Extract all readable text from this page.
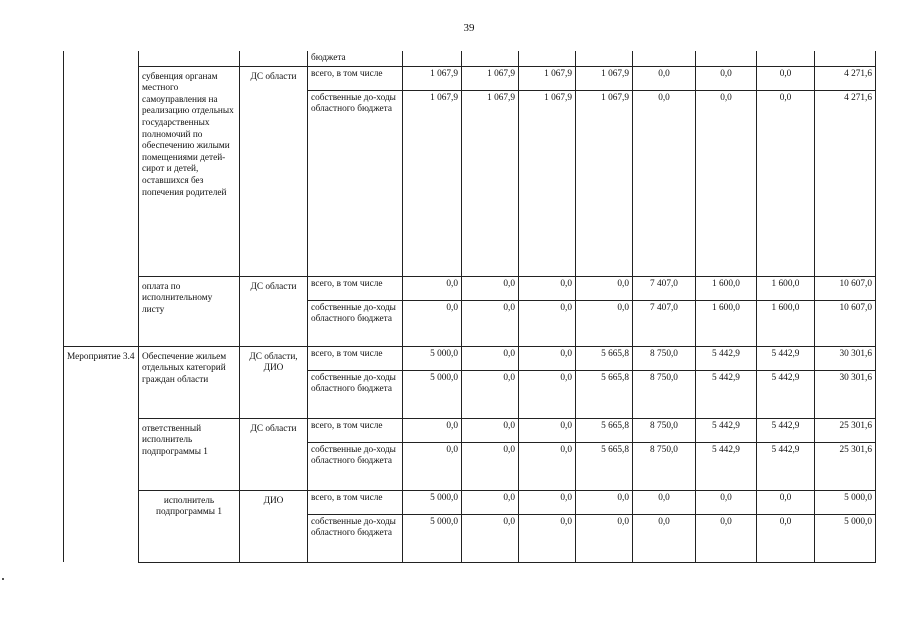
39
			бюджета								
	субвенция органам местного самоуправления на реализацию отдельных государственных полномочий по обеспечению жилыми помещениями детей-сирот и детей, оставшихся без попечения родителей	ДС области	всего, в том числе	1 067,9	1 067,9	1 067,9	1 067,9	0,0	0,0	0,0	4 271,6
			собственные до-ходы областного бюджета	1 067,9	1 067,9	1 067,9	1 067,9	0,0	0,0	0,0	4 271,6
	оплата по исполнительному листу	ДС области	всего, в том числе	0,0	0,0	0,0	0,0	7 407,0	1 600,0	1 600,0	10 607,0
			собственные до-ходы областного бюджета	0,0	0,0	0,0	0,0	7 407,0	1 600,0	1 600,0	10 607,0
Мероприятие 3.4	Обеспечение жильем отдельных категорий граждан области	ДС области, ДИО	всего, в том числе	5 000,0	0,0	0,0	5 665,8	8 750,0	5 442,9	5 442,9	30 301,6
			собственные до-ходы областного бюджета	5 000,0	0,0	0,0	5 665,8	8 750,0	5 442,9	5 442,9	30 301,6
	ответственный исполнитель подпрограммы 1	ДС области	всего, в том числе	0,0	0,0	0,0	5 665,8	8 750,0	5 442,9	5 442,9	25 301,6
			собственные до-ходы областного бюджета	0,0	0,0	0,0	5 665,8	8 750,0	5 442,9	5 442,9	25 301,6
	исполнитель подпрограммы 1	ДИО	всего, в том числе	5 000,0	0,0	0,0	0,0	0,0	0,0	0,0	5 000,0
			собственные до-ходы областного бюджета	5 000,0	0,0	0,0	0,0	0,0	0,0	0,0	5 000,0
